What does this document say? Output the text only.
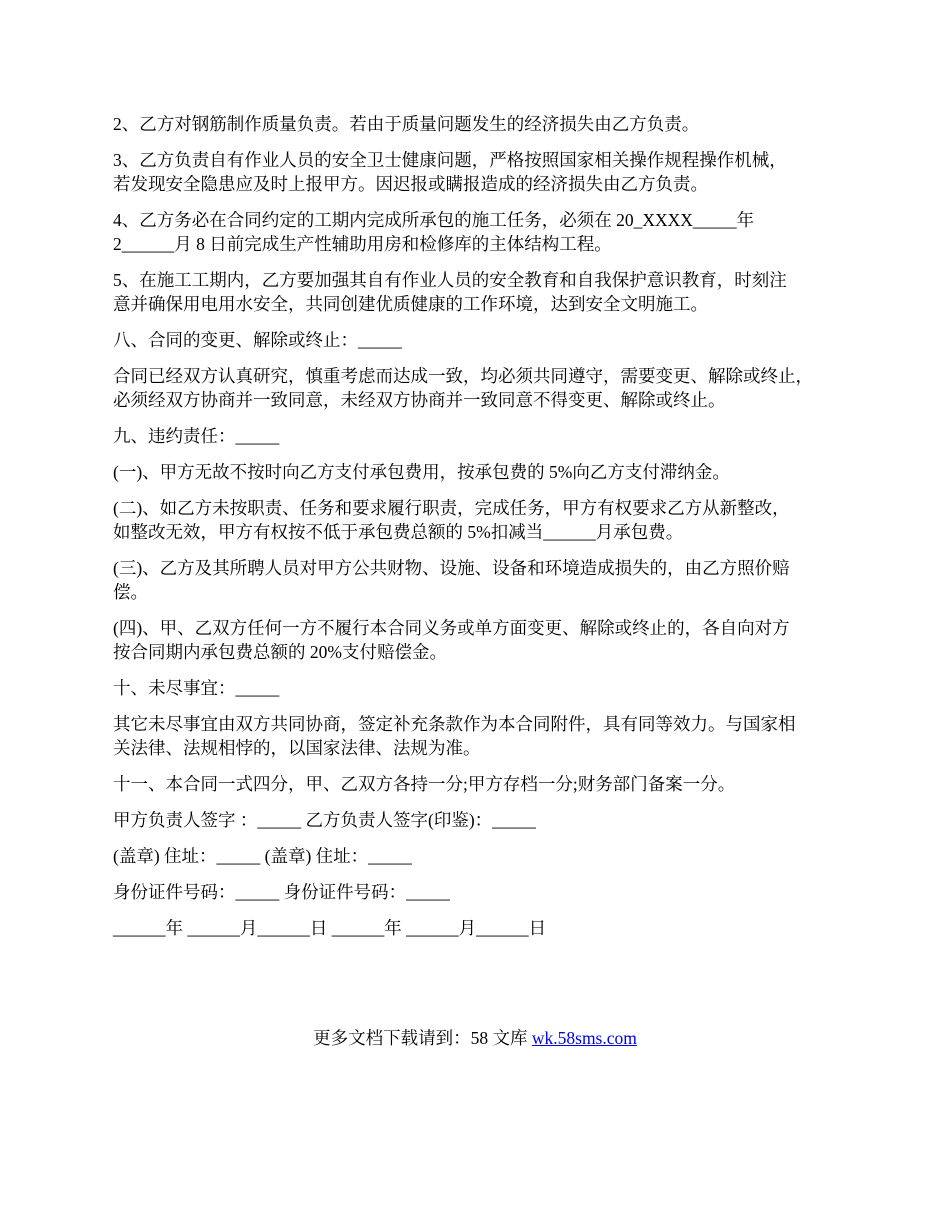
2、乙方对钢筋制作质量负责。若由于质量问题发生的经济损失由乙方负责。
3、乙方负责自有作业人员的安全卫士健康问题，严格按照国家相关操作规程操作机械，
若发现安全隐患应及时上报甲方。因迟报或瞒报造成的经济损失由乙方负责。
4、乙方务必在合同约定的工期内完成所承包的施工任务，必须在 20_XXXX_____年
2______月 8 日前完成生产性辅助用房和检修库的主体结构工程。
5、在施工工期内，乙方要加强其自有作业人员的安全教育和自我保护意识教育，时刻注
意并确保用电用水安全，共同创建优质健康的工作环境，达到安全文明施工。
八、合同的变更、解除或终止：_____
合同已经双方认真研究，慎重考虑而达成一致，均必须共同遵守，需要变更、解除或终止，
必须经双方协商并一致同意，未经双方协商并一致同意不得变更、解除或终止。
九、违约责任：_____
(一)、甲方无故不按时向乙方支付承包费用，按承包费的 5%向乙方支付滞纳金。
(二)、如乙方未按职责、任务和要求履行职责，完成任务，甲方有权要求乙方从新整改，
如整改无效，甲方有权按不低于承包费总额的 5%扣减当______月承包费。
(三)、乙方及其所聘人员对甲方公共财物、设施、设备和环境造成损失的，由乙方照价赔
偿。
(四)、甲、乙双方任何一方不履行本合同义务或单方面变更、解除或终止的，各自向对方
按合同期内承包费总额的 20%支付赔偿金。
十、未尽事宜：_____
其它未尽事宜由双方共同协商，签定补充条款作为本合同附件，具有同等效力。与国家相
关法律、法规相悖的，以国家法律、法规为准。
十一、本合同一式四分，甲、乙双方各持一分;甲方存档一分;财务部门备案一分。
甲方负责人签字 ：_____ 乙方负责人签字(印鉴)：_____
(盖章) 住址：_____ (盖章) 住址：_____
身份证件号码：_____ 身份证件号码：_____
______年 ______月______日 ______年 ______月______日
更多文档下载请到：58 文库 wk.58sms.com
